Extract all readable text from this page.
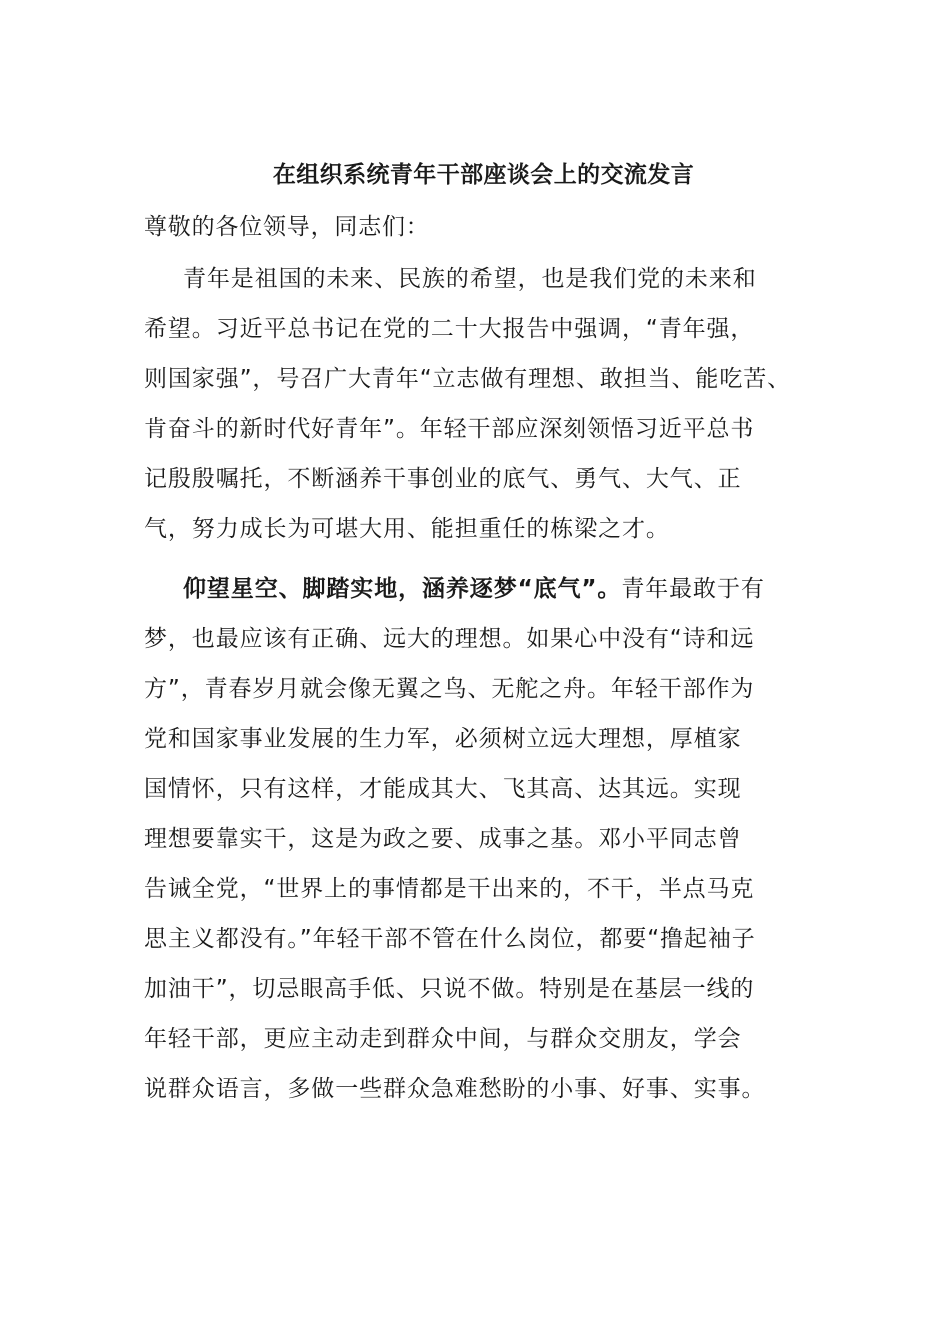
在组织系统青年干部座谈会上的交流发言

尊敬的各位领导，同志们：

青年是祖国的未来、民族的希望，也是我们党的未来和
希望。习近平总书记在党的二十大报告中强调，“青年强，
则国家强”，号召广大青年“立志做有理想、敢担当、能吃苦、
肯奋斗的新时代好青年”。年轻干部应深刻领悟习近平总书
记殷殷嘱托，不断涵养干事创业的底气、勇气、大气、正
气，努力成长为可堪大用、能担重任的栋梁之才。

仰望星空、脚踏实地，涵养逐梦“底气”。青年最敢于有
梦，也最应该有正确、远大的理想。如果心中没有“诗和远
方”，青春岁月就会像无翼之鸟、无舵之舟。年轻干部作为
党和国家事业发展的生力军，必须树立远大理想，厚植家
国情怀，只有这样，才能成其大、飞其高、达其远。实现
理想要靠实干，这是为政之要、成事之基。邓小平同志曾
告诫全党，“世界上的事情都是干出来的，不干，半点马克
思主义都没有。”年轻干部不管在什么岗位，都要“撸起袖子
加油干”，切忌眼高手低、只说不做。特别是在基层一线的
年轻干部，更应主动走到群众中间，与群众交朋友，学会
说群众语言，多做一些群众急难愁盼的小事、好事、实事。
